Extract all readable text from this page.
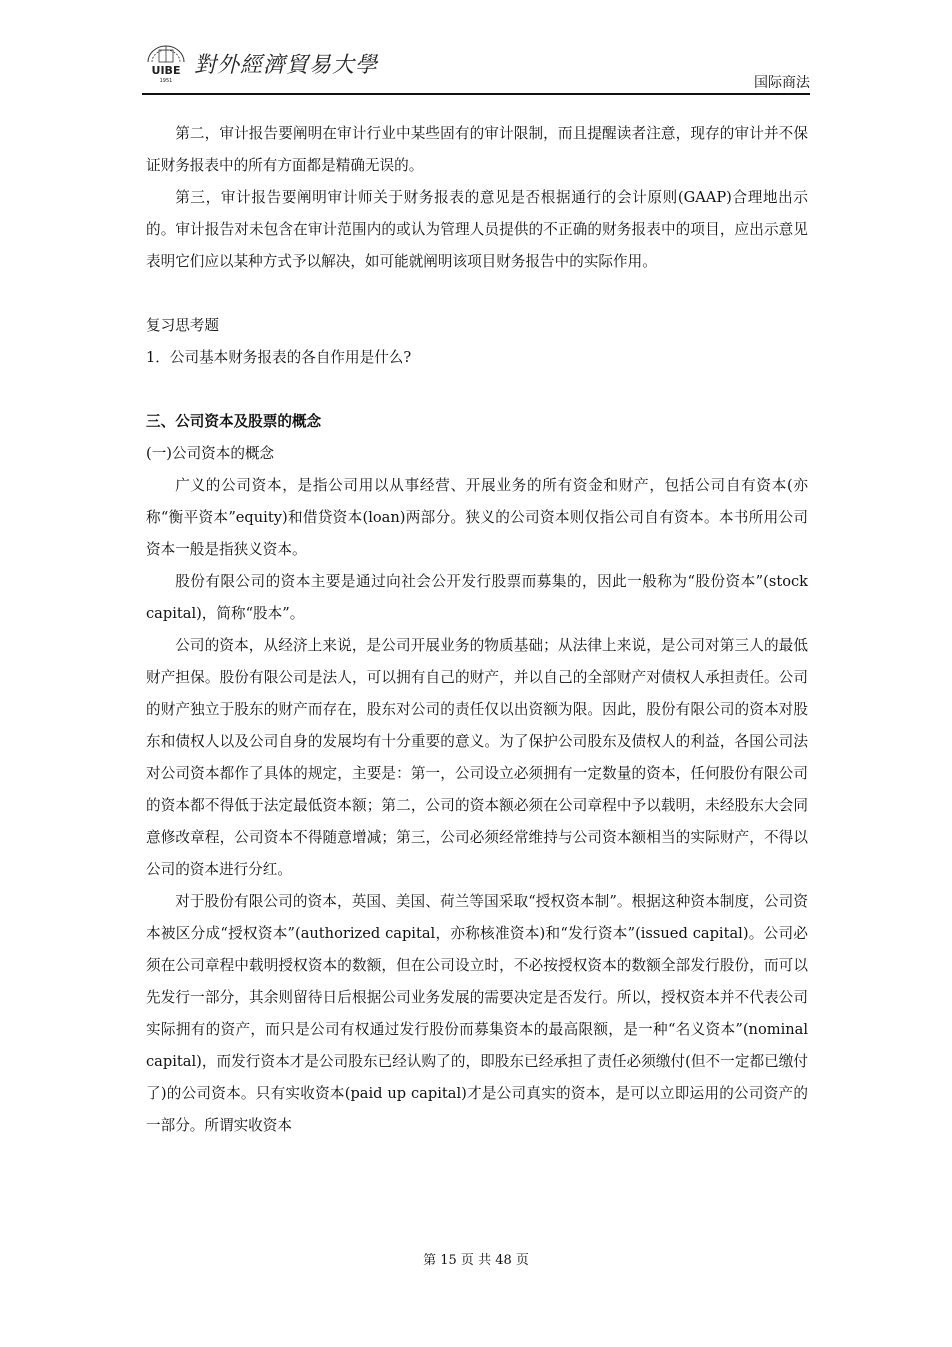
UIBE
1951
對外經濟貿易大學
国际商法

第二，审计报告要阐明在审计行业中某些固有的审计限制，而且提醒读者注意，现存的审计并不保证财务报表中的所有方面都是精确无误的。

第三，审计报告要阐明审计师关于财务报表的意见是否根据通行的会计原则(GAAP)合理地出示的。审计报告对未包含在审计范围内的或认为管理人员提供的不正确的财务报表中的项目，应出示意见表明它们应以某种方式予以解决，如可能就阐明该项目财务报告中的实际作用。

复习思考题

1．公司基本财务报表的各自作用是什么?

三、公司资本及股票的概念

(一)公司资本的概念

广义的公司资本，是指公司用以从事经营、开展业务的所有资金和财产，包括公司自有资本(亦称“衡平资本”equity)和借贷资本(loan)两部分。狭义的公司资本则仅指公司自有资本。本书所用公司资本一般是指狭义资本。

股份有限公司的资本主要是通过向社会公开发行股票而募集的，因此一般称为“股份资本”(stock capital)，简称“股本”。

公司的资本，从经济上来说，是公司开展业务的物质基础；从法律上来说，是公司对第三人的最低财产担保。股份有限公司是法人，可以拥有自己的财产，并以自己的全部财产对债权人承担责任。公司的财产独立于股东的财产而存在，股东对公司的责任仅以出资额为限。因此，股份有限公司的资本对股东和债权人以及公司自身的发展均有十分重要的意义。为了保护公司股东及债权人的利益，各国公司法对公司资本都作了具体的规定，主要是：第一，公司设立必须拥有一定数量的资本，任何股份有限公司的资本都不得低于法定最低资本额；第二，公司的资本额必须在公司章程中予以载明，未经股东大会同意修改章程，公司资本不得随意增减；第三，公司必须经常维持与公司资本额相当的实际财产，不得以公司的资本进行分红。

对于股份有限公司的资本，英国、美国、荷兰等国采取“授权资本制”。根据这种资本制度，公司资本被区分成“授权资本”(authorized capital，亦称核准资本)和“发行资本”(issued capital)。公司必须在公司章程中载明授权资本的数额，但在公司设立时，不必按授权资本的数额全部发行股份，而可以先发行一部分，其余则留待日后根据公司业务发展的需要决定是否发行。所以，授权资本并不代表公司实际拥有的资产，而只是公司有权通过发行股份而募集资本的最高限额，是一种“名义资本”(nominal capital)，而发行资本才是公司股东已经认购了的，即股东已经承担了责任必须缴付(但不一定都已缴付了)的公司资本。只有实收资本(paid up capital)才是公司真实的资本，是可以立即运用的公司资产的一部分。所谓实收资本

第 15 页 共 48 页
